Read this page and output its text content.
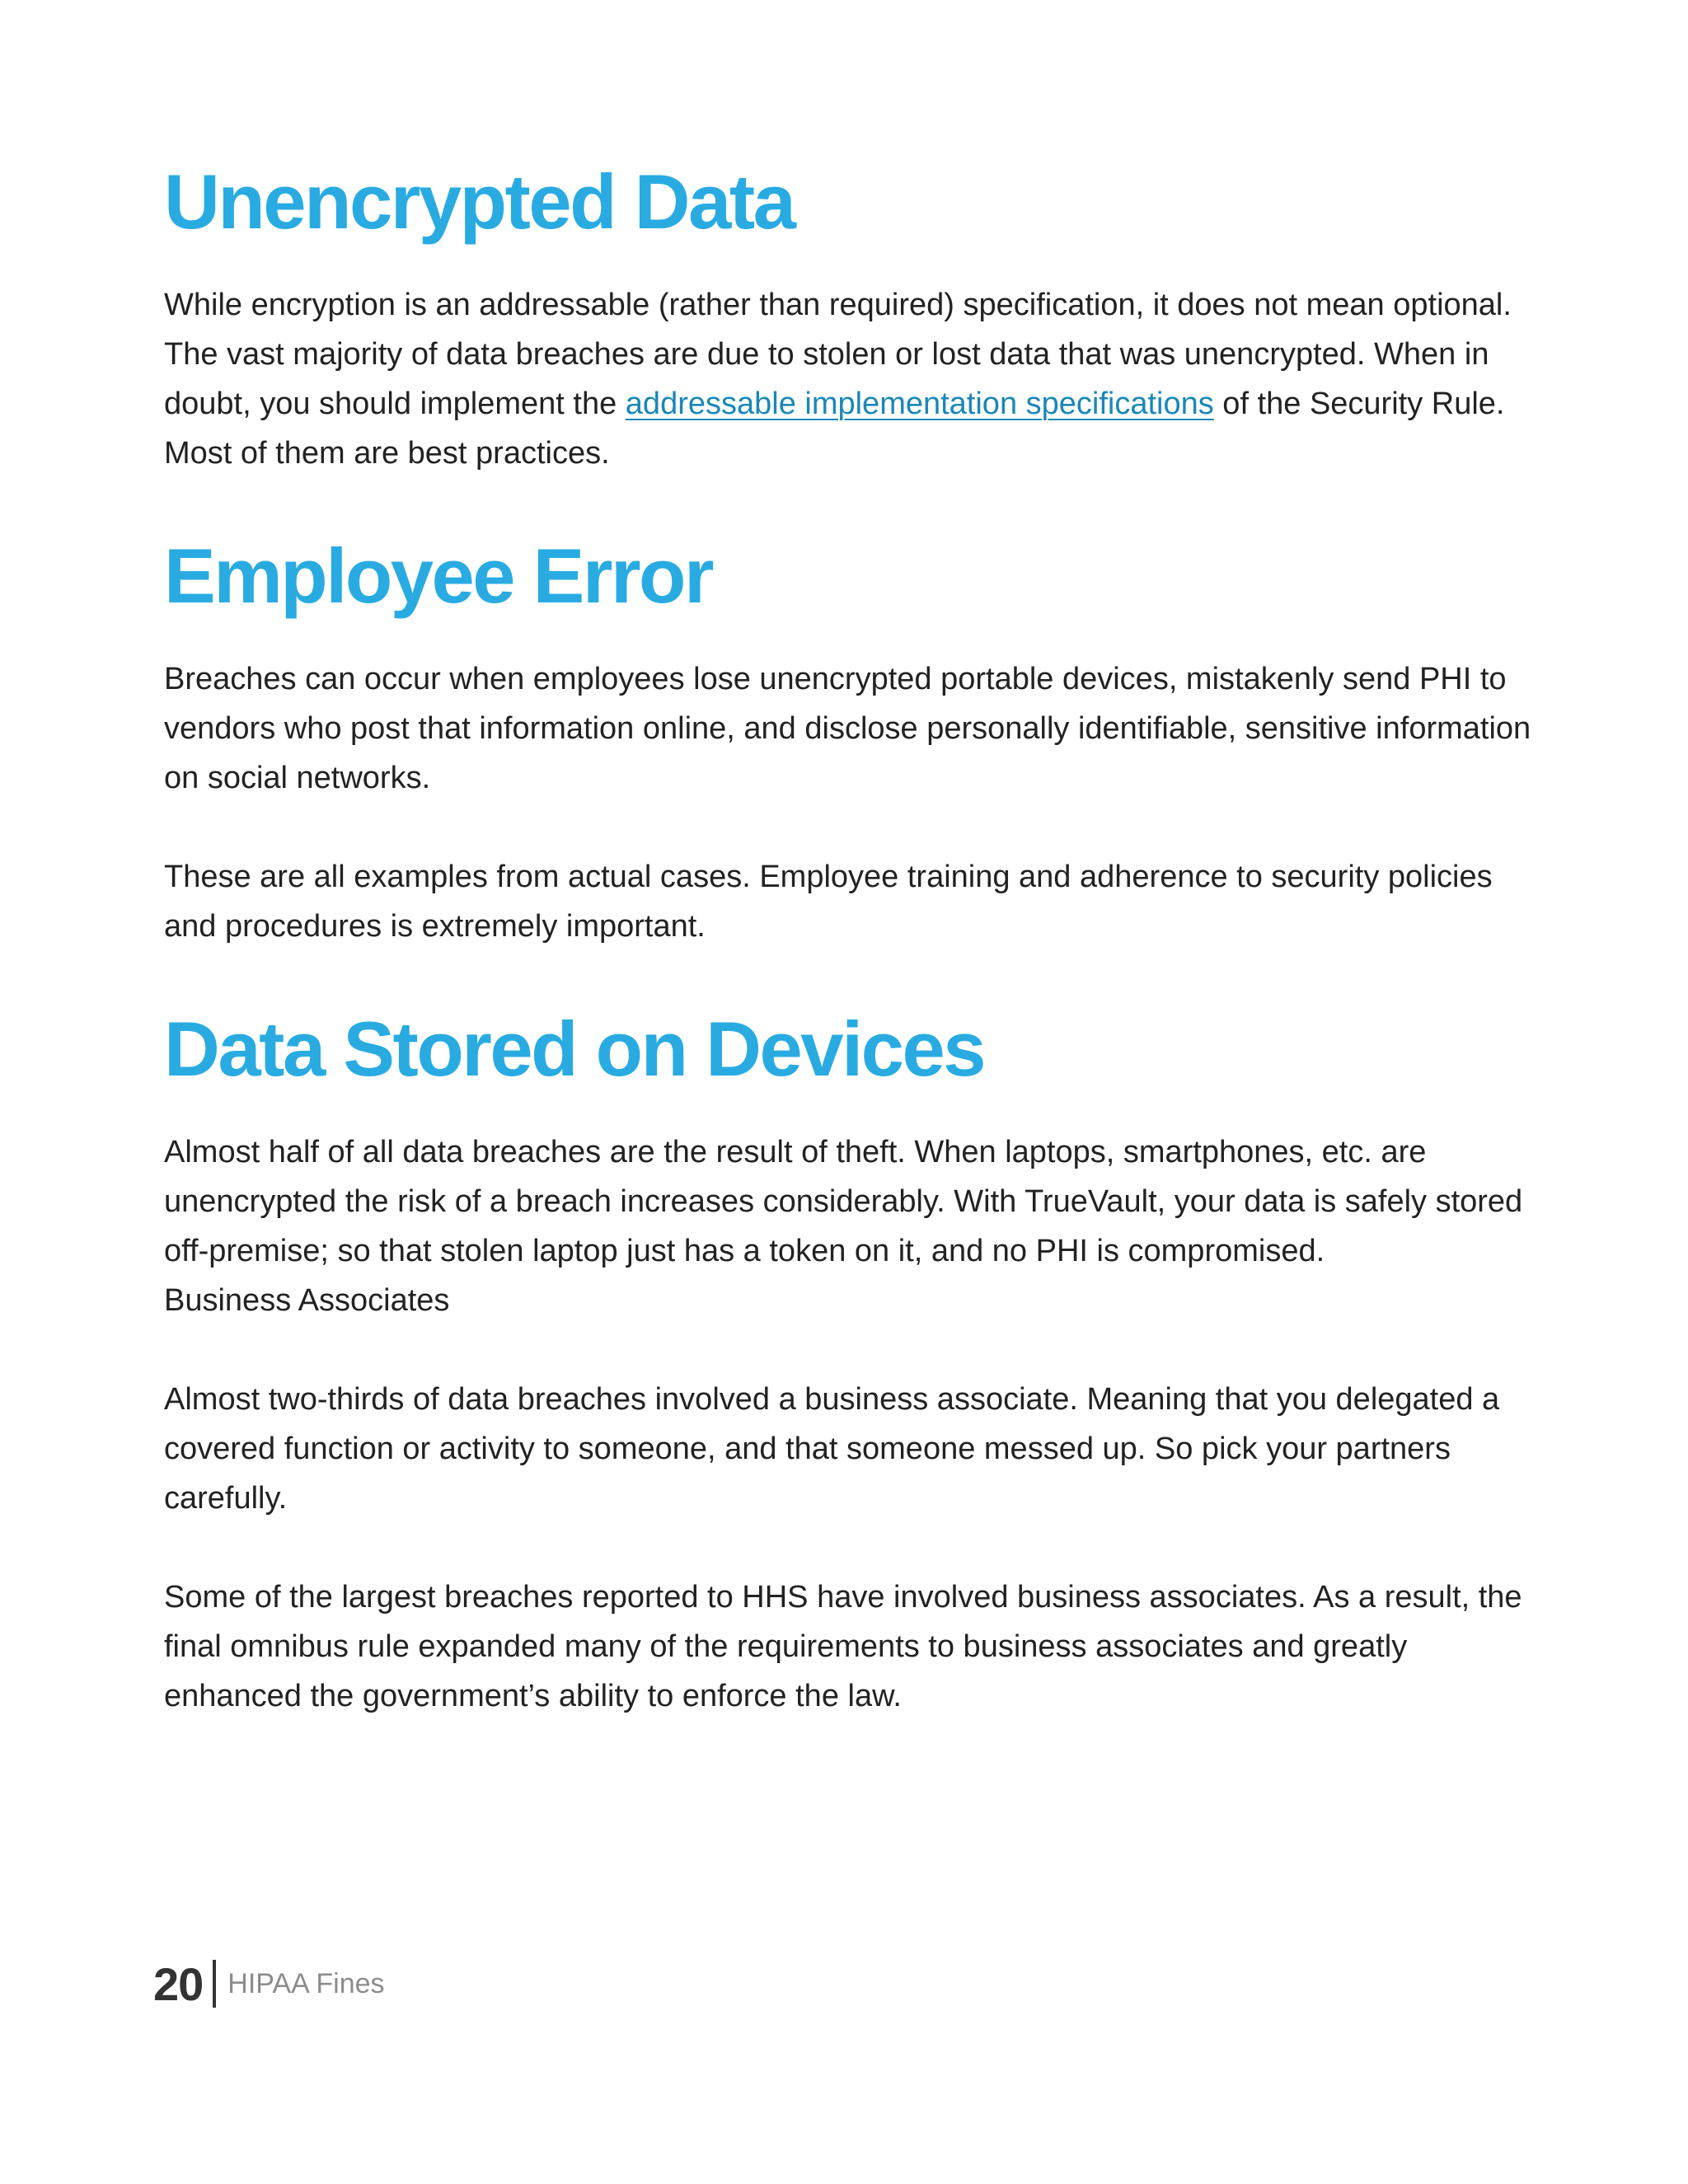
Unencrypted Data

While encryption is an addressable (rather than required) specification, it does not mean optional. The vast majority of data breaches are due to stolen or lost data that was unencrypted. When in doubt, you should implement the addressable implementation specifications of the Security Rule. Most of them are best practices.

Employee Error

Breaches can occur when employees lose unencrypted portable devices, mistakenly send PHI to vendors who post that information online, and disclose personally identifiable, sensitive information on social networks.

These are all examples from actual cases. Employee training and adherence to security policies and procedures is extremely important.

Data Stored on Devices

Almost half of all data breaches are the result of theft. When laptops, smartphones, etc. are unencrypted the risk of a breach increases considerably. With TrueVault, your data is safely stored off-premise; so that stolen laptop just has a token on it, and no PHI is compromised.
Business Associates

Almost two-thirds of data breaches involved a business associate. Meaning that you delegated a covered function or activity to someone, and that someone messed up. So pick your partners carefully.

Some of the largest breaches reported to HHS have involved business associates. As a result, the final omnibus rule expanded many of the requirements to business associates and greatly enhanced the government’s ability to enforce the law.

20 HIPAA Fines
